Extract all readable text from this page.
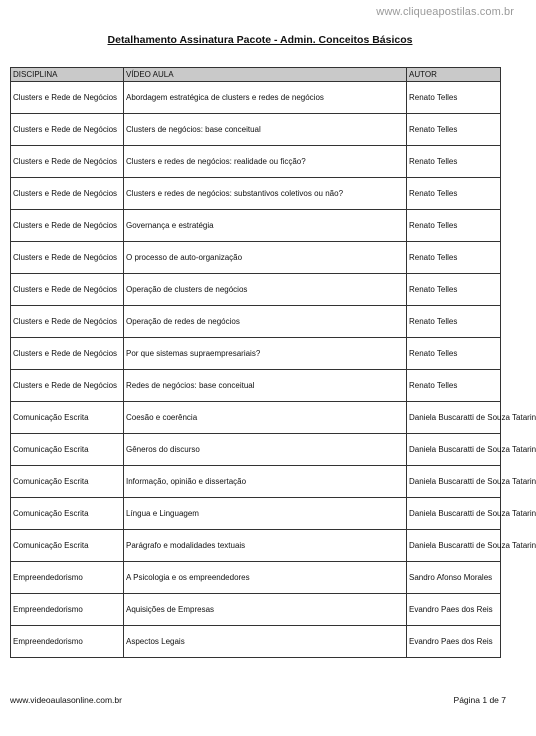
www.cliqueapostilas.com.br
Detalhamento Assinatura Pacote - Admin. Conceitos Básicos
DISCIPLINA	VÍDEO AULA	AUTOR
Clusters e Rede de Negócios	Abordagem estratégica de clusters e redes de negócios	Renato Telles
Clusters e Rede de Negócios	Clusters de negócios: base conceitual	Renato Telles
Clusters e Rede de Negócios	Clusters e redes de negócios: realidade ou ficção?	Renato Telles
Clusters e Rede de Negócios	Clusters e redes de negócios: substantivos coletivos ou não?	Renato Telles
Clusters e Rede de Negócios	Governança e estratégia	Renato Telles
Clusters e Rede de Negócios	O processo de auto-organização	Renato Telles
Clusters e Rede de Negócios	Operação de clusters de negócios	Renato Telles
Clusters e Rede de Negócios	Operação de redes de negócios	Renato Telles
Clusters e Rede de Negócios	Por que sistemas supraempresariais?	Renato Telles
Clusters e Rede de Negócios	Redes de negócios: base conceitual	Renato Telles
Comunicação Escrita	Coesão e coerência	Daniela Buscaratti de Souza Tatarin
Comunicação Escrita	Gêneros do discurso	Daniela Buscaratti de Souza Tatarin
Comunicação Escrita	Informação, opinião e dissertação	Daniela Buscaratti de Souza Tatarin
Comunicação Escrita	Língua e Linguagem	Daniela Buscaratti de Souza Tatarin
Comunicação Escrita	Parágrafo e modalidades textuais	Daniela Buscaratti de Souza Tatarin
Empreendedorismo	A Psicologia e os empreendedores	Sandro Afonso Morales
Empreendedorismo	Aquisições de Empresas	Evandro Paes dos Reis
Empreendedorismo	Aspectos Legais	Evandro Paes dos Reis
www.videoaulasonline.com.br	Página 1 de 7
